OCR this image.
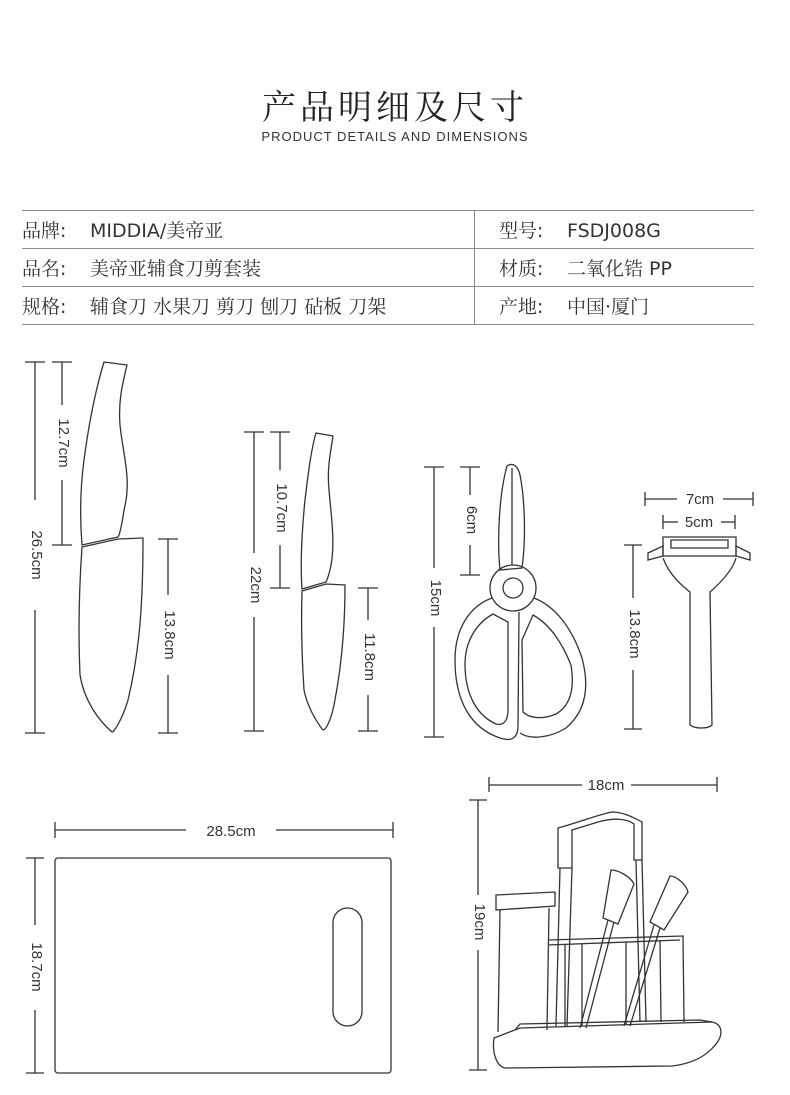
产品明细及尺寸
PRODUCT DETAILS AND DIMENSIONS
品牌: MIDDIA/美帝亚	型号: FSDJ008G
品名: 美帝亚辅食刀剪套装	材质: 二氧化锆 PP
规格: 辅食刀 水果刀 剪刀 刨刀 砧板 刀架	产地: 中国·厦门
26.5cm
12.7cm
13.8cm
22cm
10.7cm
11.8cm
15cm
6cm
7cm
5cm
13.8cm
28.5cm
18.7cm
18cm
19cm
